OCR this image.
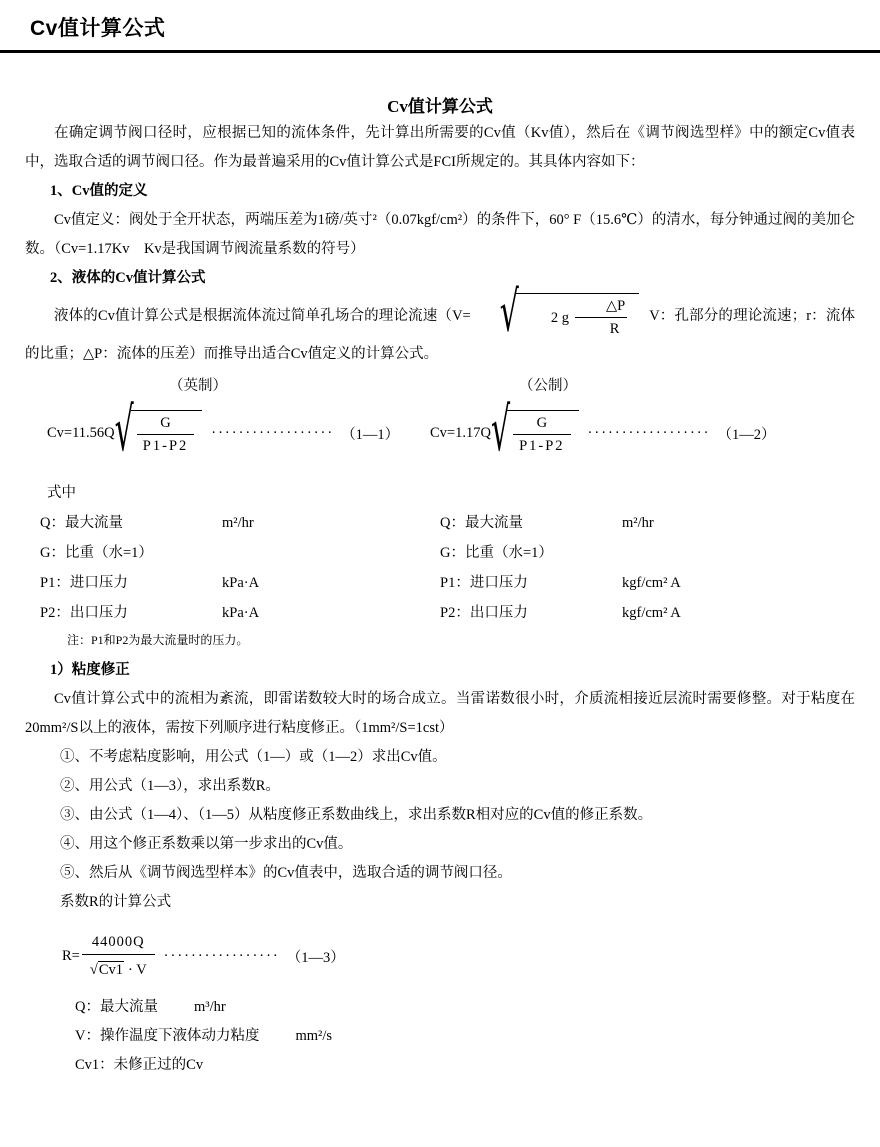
Cv值计算公式
Cv值计算公式

在确定调节阀口径时，应根据已知的流体条件，先计算出所需要的Cv值（Kv值），然后在《调节阀选型样》中的额定Cv值表中，选取合适的调节阀口径。作为最普遍采用的Cv值计算公式是FCI所规定的。其具体内容如下：

1、Cv值的定义

Cv值定义：阀处于全开状态，两端压差为1磅/英寸²（0.07kgf/cm²）的条件下，60° F（15.6℃）的清水，每分钟通过阀的美加仑数。（Cv=1.17Kv　Kv是我国调节阀流量系数的符号）

2、液体的Cv值计算公式

液体的Cv值计算公式是根据流体流过简单孔场合的理论流速（V= √	2 g $\frac{\triangle P}{R}$ V：孔部分的理论流速；r：流体的比重；△P：流体的压差）而推导出适合Cv值定义的计算公式。

（英制）	（公制）
Cv=11.56Q √ $\frac{G}{P1-P2}$ ·················· （1—1） Cv=1.17Q √ $\frac{G}{P1-P2}$ ·················· （1—2）
式中
Q：最大流量	m²/hr	Q：最大流量	m²/hr
G：比重（水=1）	G：比重（水=1）
P1：进口压力	kPa·A	P1：进口压力	kgf/cm² A
P2：出口压力	kPa·A	P2：出口压力	kgf/cm² A
注：P1和P2为最大流量时的压力。
1）粘度修正

Cv值计算公式中的流相为紊流，即雷诺数较大时的场合成立。当雷诺数很小时，介质流相接近层流时需要修整。对于粘度在20mm²/S以上的液体，需按下列顺序进行粘度修正。（1mm²/S=1cst）

①、不考虑粘度影响，用公式（1—）或（1—2）求出Cv值。
②、用公式（1—3），求出系数R。
③、由公式（1—4）、（1—5）从粘度修正系数曲线上，求出系数R相对应的Cv值的修正系数。
④、用这个修正系数乘以第一步求出的Cv值。
⑤、然后从《调节阀选型样本》的Cv值表中，选取合适的调节阀口径。
系数R的计算公式
$R= \frac{44000Q}{√Cv1 \cdot V}$ ················· （1—3）
Q：最大流量 m³/hr
V：操作温度下液体动力粘度 mm²/s
Cv1：未修正过的Cv
